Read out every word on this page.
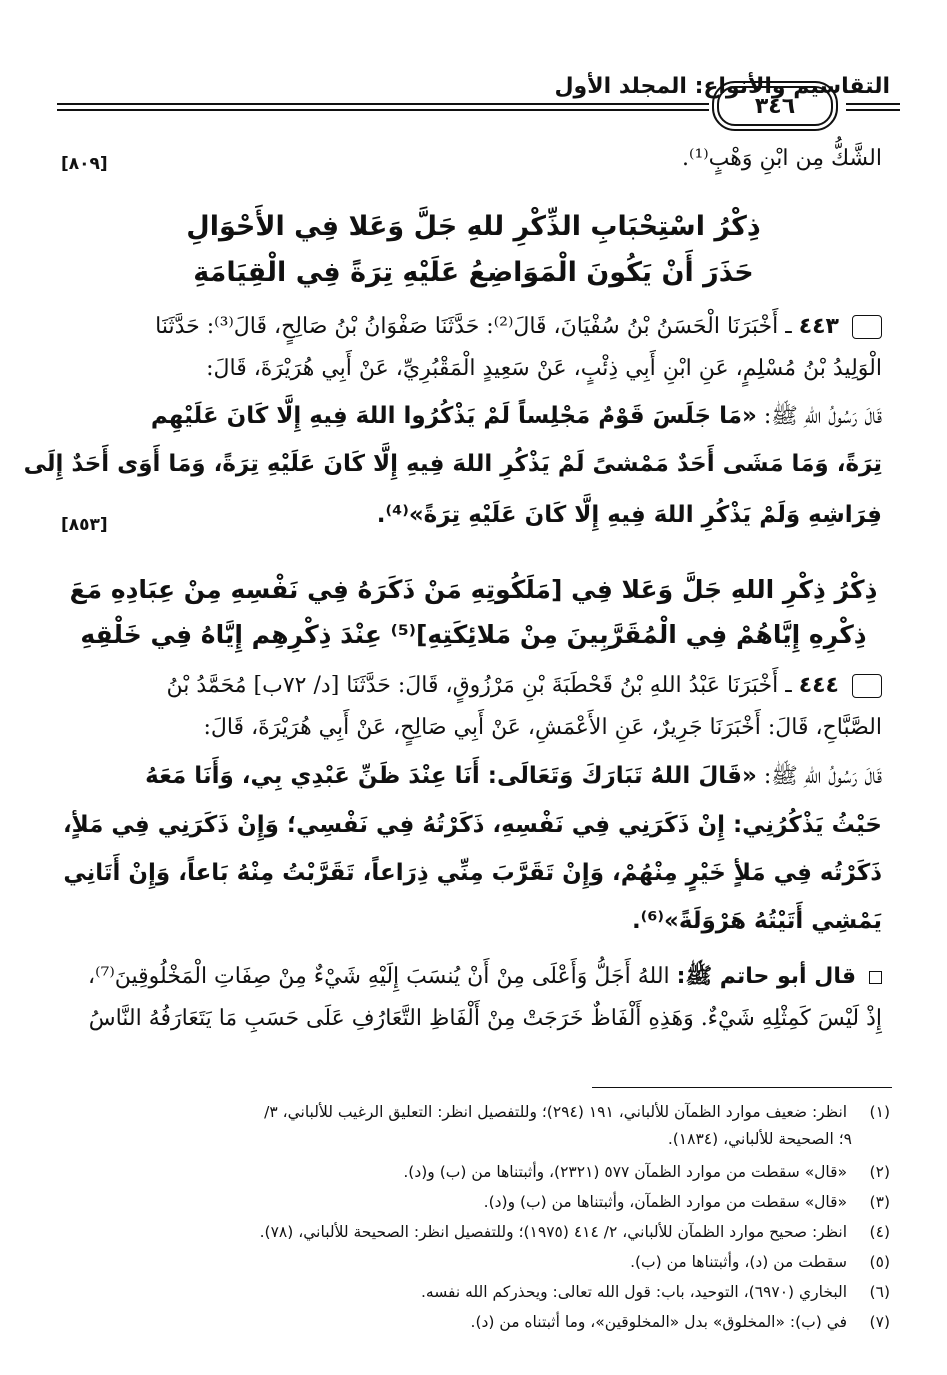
التقاسيم والأنواع: المجلد الأول
٣٤٦
الشَّكُّ مِن ابْنِ وَهْبٍ⁽¹⁾.
[٨٠٩]
ذِكْرُ اسْتِحْبَابِ الذِّكْرِ للهِ جَلَّ وَعَلا فِي الأَحْوَالِ
حَذَرَ أَنْ يَكُونَ الْمَوَاضِعُ عَلَيْهِ تِرَةً فِي الْقِيَامَةِ
٤٤٣ ـ أَخْبَرَنَا الْحَسَنُ بْنُ سُفْيَانَ، قَالَ⁽²⁾: حَدَّثَنَا صَفْوَانُ بْنُ صَالِحٍ، قَالَ⁽³⁾: حَدَّثَنَا
الْوَلِيدُ بْنُ مُسْلِمٍ، عَنِ ابْنِ أَبِي ذِئْبٍ، عَنْ سَعِيدٍ الْمَقْبُرِيِّ، عَنْ أَبِي هُرَيْرَةَ، قَالَ:
قَالَ رَسُولُ اللهِ ﷺ: «مَا جَلَسَ قَوْمٌ مَجْلِساً لَمْ يَذْكُرُوا اللهَ فِيهِ إِلَّا كَانَ عَلَيْهِم
تِرَةً، وَمَا مَشَى أَحَدٌ مَمْشىً لَمْ يَذْكُرِ اللهَ فِيهِ إِلَّا كَانَ عَلَيْهِ تِرَةً، وَمَا أَوَى أَحَدٌ إِلَى
فِرَاشِهِ وَلَمْ يَذْكُرِ اللهَ فِيهِ إِلَّا كَانَ عَلَيْهِ تِرَةً»⁽⁴⁾.
[٨٥٣]
ذِكْرُ ذِكْرِ اللهِ جَلَّ وَعَلا فِي [مَلَكُوتِهِ مَنْ ذَكَرَهُ فِي نَفْسِهِ مِنْ عِبَادِهِ مَعَ
ذِكْرِهِ إِيَّاهُمْ فِي الْمُقَرَّبِينَ مِنْ مَلائِكَتِهِ]⁽⁵⁾ عِنْدَ ذِكْرِهِم إِيَّاهُ فِي خَلْقِهِ
٤٤٤ ـ أَخْبَرَنَا عَبْدُ اللهِ بْنُ قَحْطَبَةَ بْنِ مَرْزُوقٍ، قَالَ: حَدَّثَنَا [د/ ٧٢ب] مُحَمَّدُ بْنُ
الصَّبَّاحِ، قَالَ: أَخْبَرَنَا جَرِيرٌ، عَنِ الأَعْمَشِ، عَنْ أَبِي صَالِحٍ، عَنْ أَبِي هُرَيْرَةَ، قَالَ:
قَالَ رَسُولُ اللهِ ﷺ: «قَالَ اللهُ تَبَارَكَ وَتَعَالَى: أَنَا عِنْدَ ظَنِّ عَبْدِي بِي، وَأَنَا مَعَهُ
حَيْثُ يَذْكُرُنِي: إِنْ ذَكَرَنِي فِي نَفْسِهِ، ذَكَرْتُهُ فِي نَفْسِي؛ وَإِنْ ذَكَرَنِي فِي مَلأٍ،
ذَكَرْتُه فِي مَلأٍ خَيْرٍ مِنْهُمْ، وَإِنْ تَقَرَّبَ مِنِّي ذِرَاعاً، تَقَرَّبْتُ مِنْهُ بَاعاً، وَإِنْ أَتَانِي
يَمْشِي أَتَيْتُهُ هَرْوَلَةً»⁽⁶⁾.
قال أبو حاتم ﷺ: اللهُ أَجَلُّ وَأَعْلَى مِنْ أَنْ يُنسَبَ إِلَيْهِ شَيْءٌ مِنْ صِفَاتِ الْمَخْلُوقِينَ⁽⁷⁾،
إِذْ لَيْسَ كَمِثْلِهِ شَيْءٌ. وَهَذِهِ أَلْفَاظٌ خَرَجَتْ مِنْ أَلْفَاظِ التَّعَارُفِ عَلَى حَسَبِ مَا يَتَعَارَفُهُ النَّاسُ
(١) انظر: ضعيف موارد الظمآن للألباني، ١٩١ (٢٩٤)؛ وللتفصيل انظر: التعليق الرغيب للألباني، ٣/
٩؛ الصحيحة للألباني، (١٨٣٤).
(٢) «قال» سقطت من موارد الظمآن ٥٧٧ (٢٣٢١)، وأثبتناها من (ب) و(د).
(٣) «قال» سقطت من موارد الظمآن، وأثبتناها من (ب) و(د).
(٤) انظر: صحيح موارد الظمآن للألباني، ٢/ ٤١٤ (١٩٧٥)؛ وللتفصيل انظر: الصحيحة للألباني، (٧٨).
(٥) سقطت من (د)، وأثبتناها من (ب).
(٦) البخاري (٦٩٧٠)، التوحيد، باب: قول الله تعالى: ويحذركم الله نفسه.
(٧) في (ب): «المخلوق» بدل «المخلوقين»، وما أثبتناه من (د).
